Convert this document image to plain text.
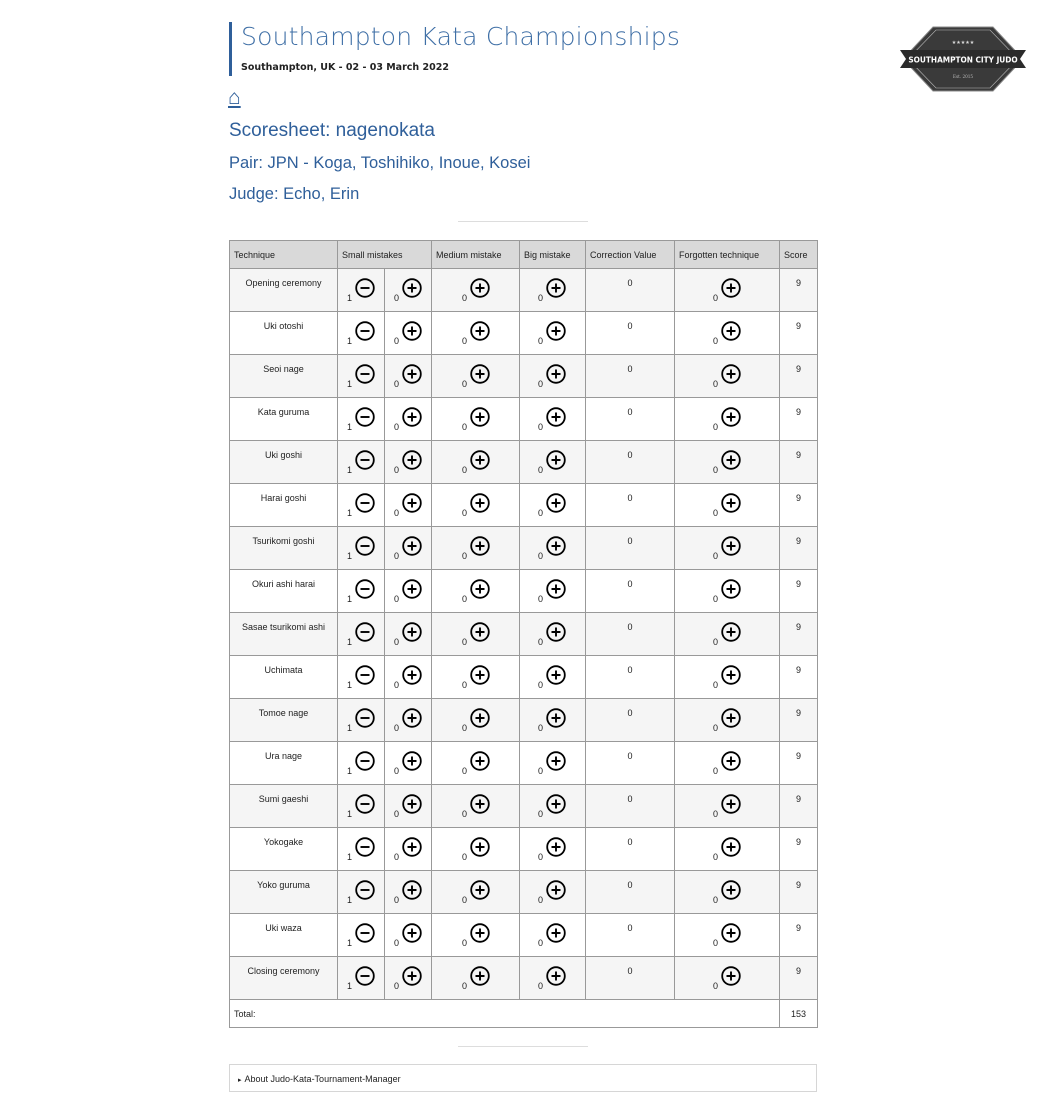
Southampton Kata Championships
Southampton, UK - 02 - 03 March 2022
★★★★★
SOUTHAMPTON CITY JUDO
Est. 2015
⌂
Scoresheet: nagenokata
Pair: JPN - Koga, Toshihiko, Inoue, Kosei
Judge: Echo, Erin
Technique	Small mistakes		Medium mistake	Big mistake	Correction Value	Forgotten technique	Score
Opening ceremony	1	0	0	0	0	0	9
Uki otoshi	1	0	0	0	0	0	9
Seoi nage	1	0	0	0	0	0	9
Kata guruma	1	0	0	0	0	0	9
Uki goshi	1	0	0	0	0	0	9
Harai goshi	1	0	0	0	0	0	9
Tsurikomi goshi	1	0	0	0	0	0	9
Okuri ashi harai	1	0	0	0	0	0	9
Sasae tsurikomi ashi	1	0	0	0	0	0	9
Uchimata	1	0	0	0	0	0	9
Tomoe nage	1	0	0	0	0	0	9
Ura nage	1	0	0	0	0	0	9
Sumi gaeshi	1	0	0	0	0	0	9
Yokogake	1	0	0	0	0	0	9
Yoko guruma	1	0	0	0	0	0	9
Uki waza	1	0	0	0	0	0	9
Closing ceremony	1	0	0	0	0	0	9
Total:							153
▸ About Judo-Kata-Tournament-Manager
